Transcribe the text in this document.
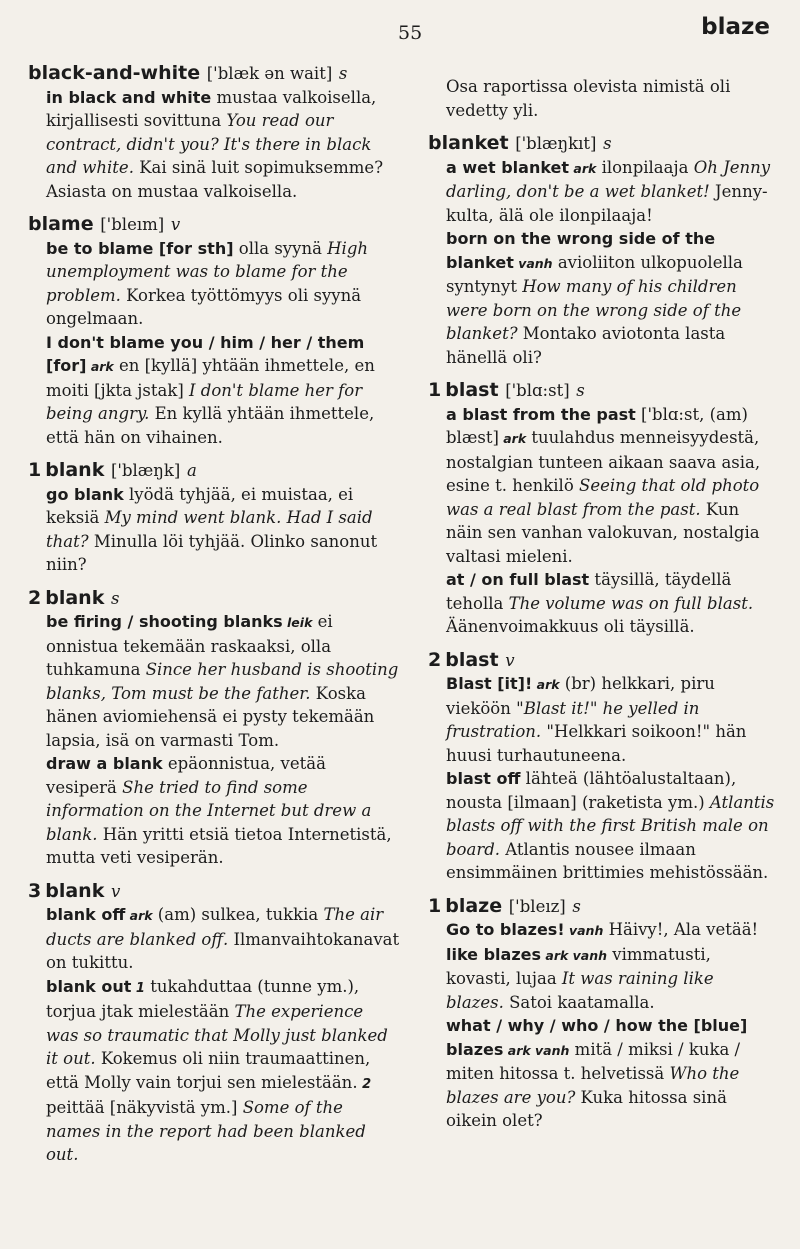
55	blaze
black-and-white ['blæk ən wait] s
in black and white mustaa valkoisella, kirjallisesti sovittuna You read our contract, didn't you? It's there in black and white. Kai sinä luit sopimuksemme? Asiasta on mustaa valkoisella.
blame ['bleım] v
be to blame [for sth] olla syynä High unemployment was to blame for the problem. Korkea työttömyys oli syynä ongelmaan.
I don't blame you / him / her / them [for] ark en [kyllä] yhtään ihmettele, en moiti [jkta jstak] I don't blame her for being angry. En kyllä yhtään ihmettele, että hän on vihainen.
1 blank ['blæŋk] a
go blank lyödä tyhjää, ei muistaa, ei keksiä My mind went blank. Had I said that? Minulla löi tyhjää. Olinko sanonut niin?
2 blank s
be firing / shooting blanks leik ei onnistua tekemään raskaaksi, olla tuhkamuna Since her husband is shooting blanks, Tom must be the father. Koska hänen aviomiehensä ei pysty tekemään lapsia, isä on varmasti Tom.
draw a blank epäonnistua, vetää vesiperä She tried to find some information on the Internet but drew a blank. Hän yritti etsiä tietoa Internetistä, mutta veti vesiperän.
3 blank v
blank off ark (am) sulkea, tukkia The air ducts are blanked off. Ilmanvaihtokanavat on tukittu.
blank out 1 tukahduttaa (tunne ym.), torjua jtak mielestään The experience was so traumatic that Molly just blanked it out. Kokemus oli niin traumaattinen, että Molly vain torjui sen mielestään. 2 peittää [näkyvistä ym.] Some of the names in the report had been blanked out.
Osa raportissa olevista nimistä oli vedetty yli.
blanket ['blæŋkıt] s
a wet blanket ark ilonpilaaja Oh Jenny darling, don't be a wet blanket! Jenny-kulta, älä ole ilonpilaaja!
born on the wrong side of the blanket vanh avioliiton ulkopuolella syntynyt How many of his children were born on the wrong side of the blanket? Montako aviotonta lasta hänellä oli?
1 blast ['blɑ:st] s
a blast from the past ['blɑ:st, (am) blæst] ark tuulahdus menneisyydestä, nostalgian tunteen aikaan saava asia, esine t. henkilö Seeing that old photo was a real blast from the past. Kun näin sen vanhan valokuvan, nostalgia valtasi mieleni.
at / on full blast täysillä, täydellä teholla The volume was on full blast. Äänenvoimakkuus oli täysillä.
2 blast v
Blast [it]! ark (br) helkkari, piru vieköön "Blast it!" he yelled in frustration. "Helkkari soikoon!" hän huusi turhautuneena.
blast off lähteä (lähtöalustaltaan), nousta [ilmaan] (raketista ym.) Atlantis blasts off with the first British male on board. Atlantis nousee ilmaan ensimmäinen brittimies mehistössään.
1 blaze ['bleız] s
Go to blazes! vanh Häivy!, Ala vetää!
like blazes ark vanh vimmatusti, kovasti, lujaa It was raining like blazes. Satoi kaatamalla.
what / why / who / how the [blue] blazes ark vanh mitä / miksi / kuka / miten hitossa t. helvetissä Who the blazes are you? Kuka hitossa sinä oikein olet?
